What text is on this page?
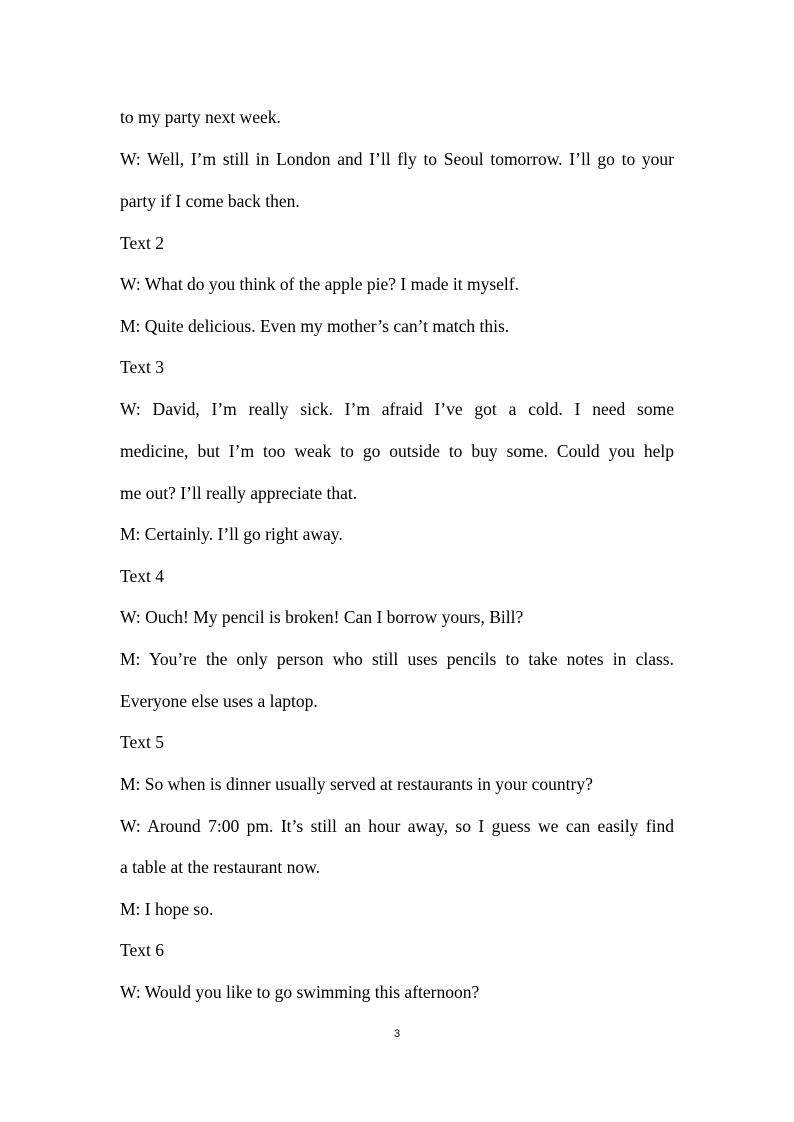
to my party next week.
W: Well, I’m still in London and I’ll fly to Seoul tomorrow. I’ll go to your
party if I come back then.
Text 2
W: What do you think of the apple pie? I made it myself.
M: Quite delicious. Even my mother’s can’t match this.
Text 3
W: David, I’m really sick. I’m afraid I’ve got a cold. I need some
medicine, but I’m too weak to go outside to buy some. Could you help
me out? I’ll really appreciate that.
M: Certainly. I’ll go right away.
Text 4
W: Ouch! My pencil is broken! Can I borrow yours, Bill?
M: You’re the only person who still uses pencils to take notes in class.
Everyone else uses a laptop.
Text 5
M: So when is dinner usually served at restaurants in your country?
W: Around 7:00 pm. It’s still an hour away, so I guess we can easily find
a table at the restaurant now.
M: I hope so.
Text 6
W: Would you like to go swimming this afternoon?
3
